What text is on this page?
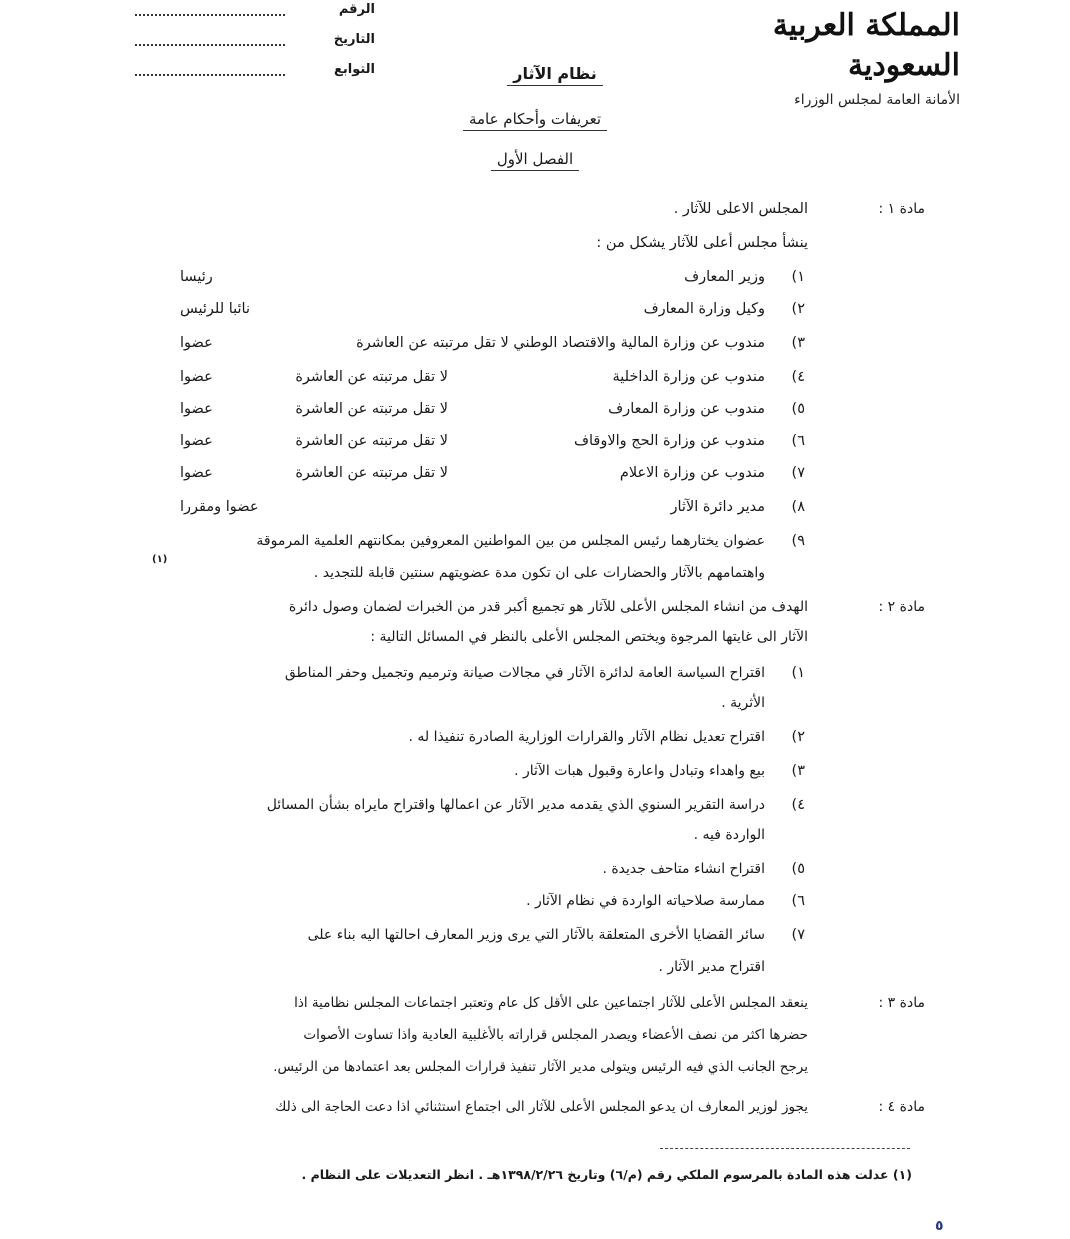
المملكة العربية السعودية
الأمانة العامة لمجلس الوزراء
الرقم
التاريخ
التوابع	نظام الآثار
تعريفات وأحكام عامة
الفصل الأول
مادة ١ :
المجلس الاعلى للآثار .
ينشأ مجلس أعلى للآثار يشكل من :
١)
وزير المعارف
رئيسا
٢)
وكيل وزارة المعارف
نائبا للرئيس
٣)
مندوب عن وزارة المالية والاقتصاد الوطني لا تقل مرتبته عن العاشرة
عضوا
٤)
مندوب عن وزارة الداخلية
لا تقل مرتبته عن العاشرة
عضوا
٥)
مندوب عن وزارة المعارف
لا تقل مرتبته عن العاشرة
عضوا
٦)
مندوب عن وزارة الحج والاوقاف
لا تقل مرتبته عن العاشرة
عضوا
٧)
مندوب عن وزارة الاعلام
لا تقل مرتبته عن العاشرة
عضوا
٨)
مدير دائرة الآثار
عضوا ومقررا
٩)
عضوان يختارهما رئيس المجلس من بين المواطنين المعروفين بمكانتهم العلمية المرموقة
(١)
واهتمامهم بالآثار والحضارات على ان تكون مدة عضويتهم سنتين قابلة للتجديد .
مادة ٢ :
الهدف من انشاء المجلس الأعلى للآثار هو تجميع أكبر قدر من الخبرات لضمان وصول دائرة
الآثار الى غايتها المرجوة ويختص المجلس الأعلى بالنظر في المسائل التالية :
١)
اقتراح السياسة العامة لدائرة الآثار في مجالات صيانة وترميم وتجميل وحفر المناطق
الأثرية .
٢)
اقتراح تعديل نظام الآثار والقرارات الوزارية الصادرة تنفيذا له .
٣)
بيع واهداء وتبادل واعارة وقبول هبات الآثار .
٤)
دراسة التقرير السنوي الذي يقدمه مدير الآثار عن اعمالها واقتراح مايراه بشأن المسائل
الواردة فيه .
٥)
اقتراح انشاء متاحف جديدة .
٦)
ممارسة صلاحياته الواردة في نظام الآثار .
٧)
سائر القضايا الأخرى المتعلقة بالآثار التي يرى وزير المعارف احالتها اليه بناء على
اقتراح مدير الآثار .
مادة ٣ :
ينعقد المجلس الأعلى للآثار اجتماعين على الأقل كل عام وتعتبر اجتماعات المجلس نظامية اذا
حضرها اكثر من نصف الأعضاء ويصدر المجلس قراراته بالأغلبية العادية واذا تساوت الأصوات
يرجح الجانب الذي فيه الرئيس ويتولى مدير الآثار تنفيذ قرارات المجلس بعد اعتمادها من الرئيس.
مادة ٤ :
يجوز لوزير المعارف ان يدعو المجلس الأعلى للآثار الى اجتماع استثنائي اذا دعت الحاجة الى ذلك
(١) عدلت هذه المادة بالمرسوم الملكي رقم (م/٦) وتاريخ ١٣٩٨/٢/٢٦هـ . انظر التعديلات على النظام .
٥
